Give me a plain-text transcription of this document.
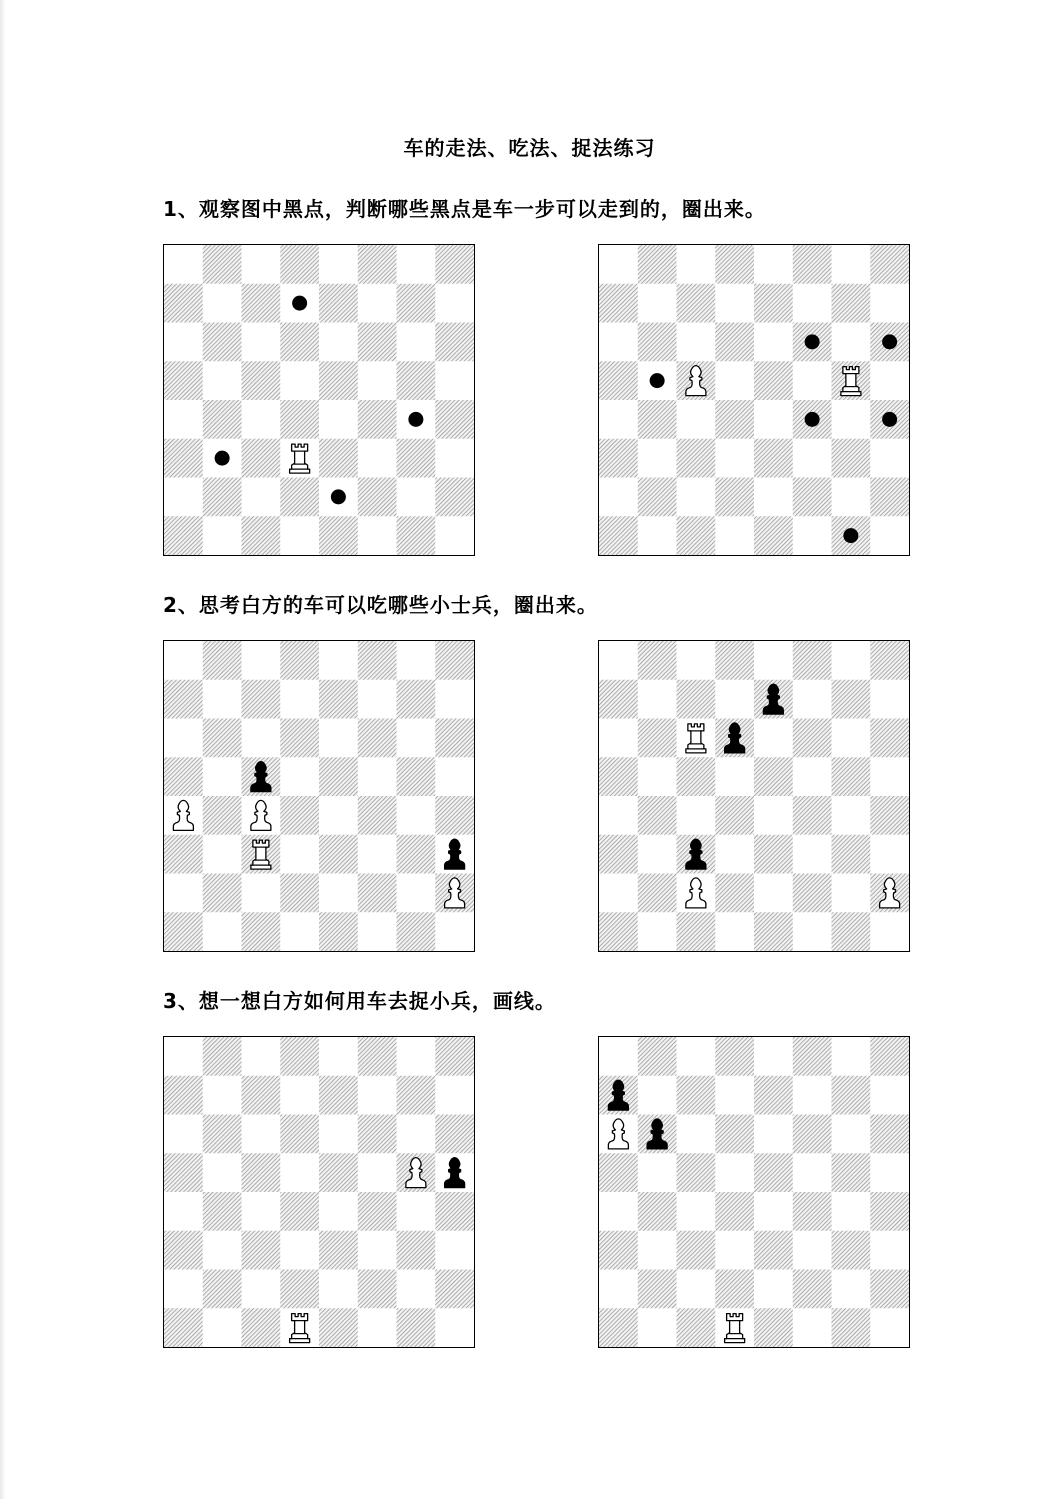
车的走法、吃法、捉法练习
1、观察图中黑点，判断哪些黑点是车一步可以走到的，圈出来。
2、思考白方的车可以吃哪些小士兵，圈出来。
3、想一想白方如何用车去捉小兵，画线。
